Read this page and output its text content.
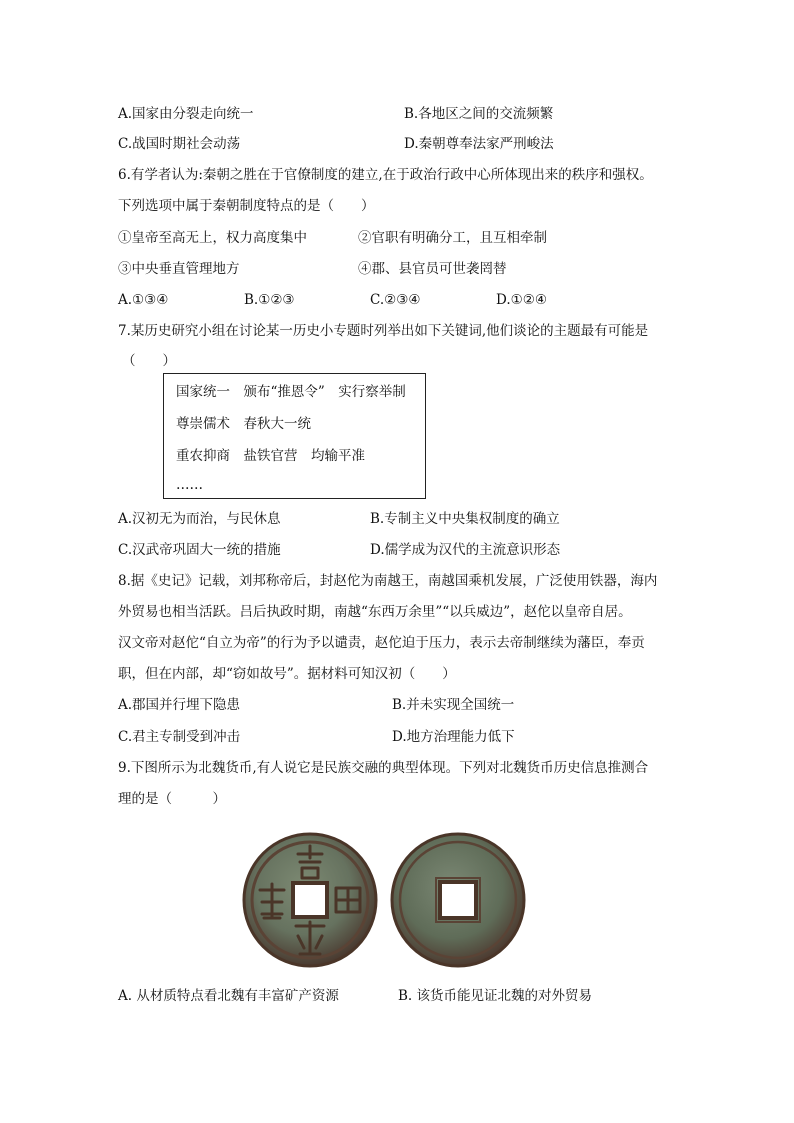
A.国家由分裂走向统一	B.各地区之间的交流频繁
C.战国时期社会动荡	D.秦朝尊奉法家严刑峻法
6.有学者认为:秦朝之胜在于官僚制度的建立,在于政治行政中心所体现出来的秩序和强权。
下列选项中属于秦朝制度特点的是（　　）
①皇帝至高无上，权力高度集中	②官职有明确分工，且互相牵制
③中央垂直管理地方	④郡、县官员可世袭罔替
A.①③④	B.①②③	C.②③④	D.①②④
7.某历史研究小组在讨论某一历史小专题时列举出如下关键词,他们谈论的主题最有可能是
（　　）
国家统一　颁布“推恩令”　实行察举制
尊崇儒术　春秋大一统
重农抑商　盐铁官营　均输平准
……
A.汉初无为而治，与民休息	B.专制主义中央集权制度的确立
C.汉武帝巩固大一统的措施	D.儒学成为汉代的主流意识形态
8.据《史记》记载，刘邦称帝后，封赵佗为南越王，南越国乘机发展，广泛使用铁器，海内
外贸易也相当活跃。吕后执政时期，南越“东西万余里”“以兵威边”，赵佗以皇帝自居。
汉文帝对赵佗“自立为帝”的行为予以谴责，赵佗迫于压力，表示去帝制继续为藩臣，奉贡
职，但在内部，却“窃如故号”。据材料可知汉初（　　）
A.郡国并行埋下隐患	B.并未实现全国统一
C.君主专制受到冲击	D.地方治理能力低下
9.下图所示为北魏货币,有人说它是民族交融的典型体现。下列对北魏货币历史信息推测合
理的是（　　　）
A. 从材质特点看北魏有丰富矿产资源	B. 该货币能见证北魏的对外贸易
